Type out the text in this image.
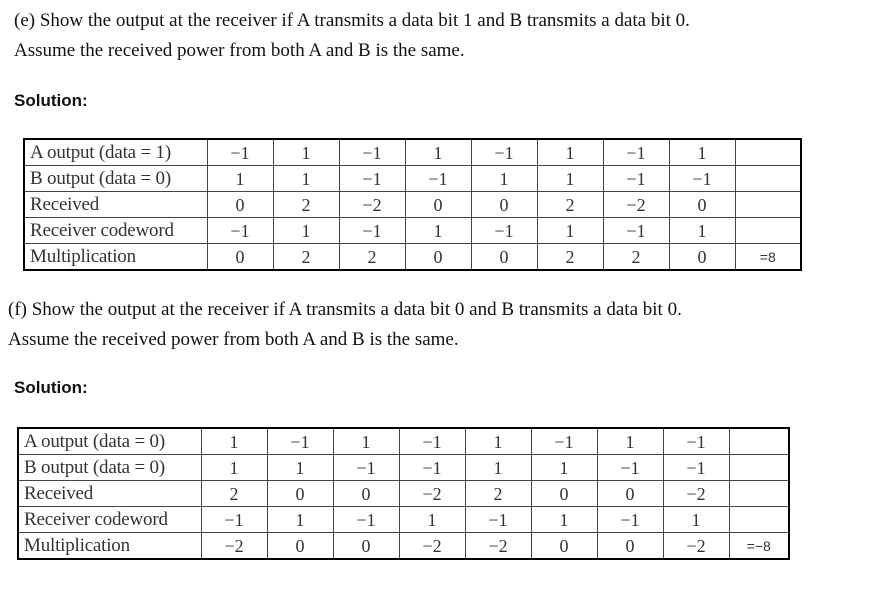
(e) Show the output at the receiver if A transmits a data bit 1 and B transmits a data bit 0.
Assume the received power from both A and B is the same.
Solution:
A output (data = 1)	−1	1	−1	1	−1	1	−1	1	
B output (data = 0)	1	1	−1	−1	1	1	−1	−1	
Received	0	2	−2	0	0	2	−2	0	
Receiver codeword	−1	1	−1	1	−1	1	−1	1	
Multiplication	0	2	2	0	0	2	2	0	=8
(f) Show the output at the receiver if A transmits a data bit 0 and B transmits a data bit 0.
Assume the received power from both A and B is the same.
Solution:
A output (data = 0)	1	−1	1	−1	1	−1	1	−1	
B output (data = 0)	1	1	−1	−1	1	1	−1	−1	
Received	2	0	0	−2	2	0	0	−2	
Receiver codeword	−1	1	−1	1	−1	1	−1	1	
Multiplication	−2	0	0	−2	−2	0	0	−2	=−8
